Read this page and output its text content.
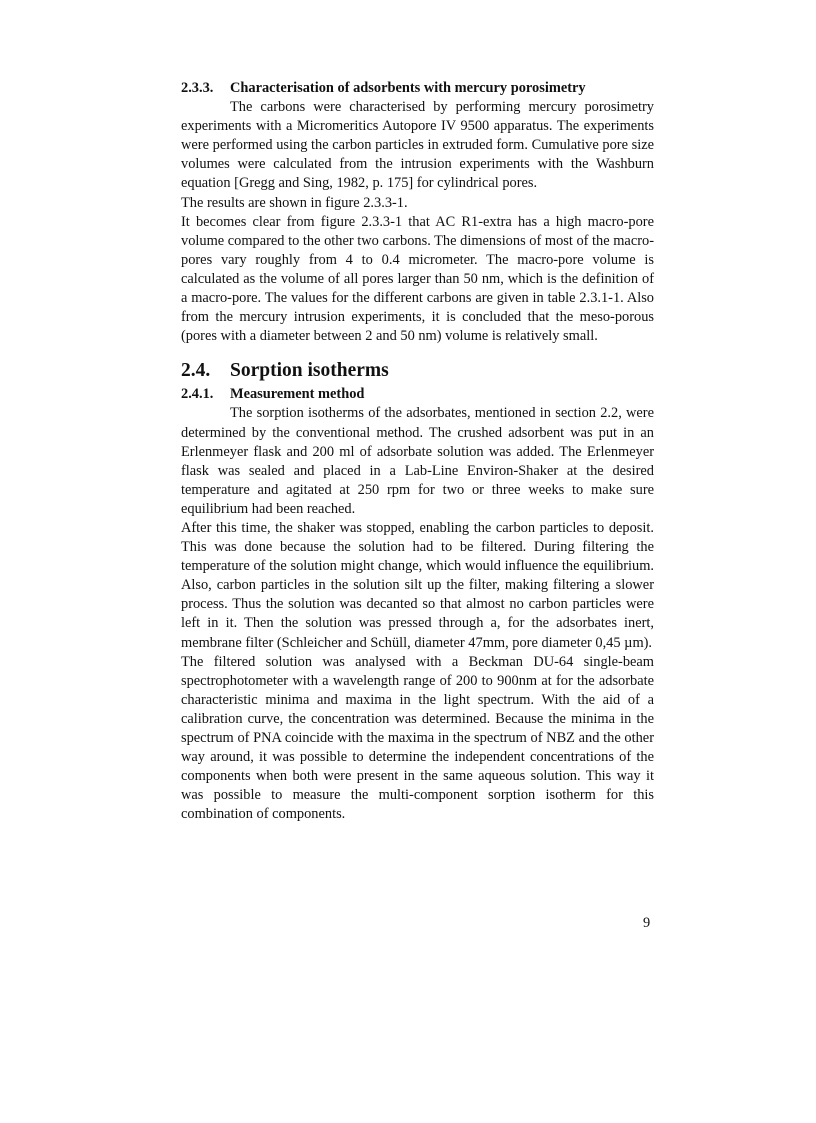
2.3.3.	Characterisation of adsorbents with mercury porosimetry

The carbons were characterised by performing mercury porosimetry experiments with a Micromeritics Autopore IV 9500 apparatus. The experiments were performed using the carbon particles in extruded form. Cumulative pore size volumes were calculated from the intrusion experiments with the Washburn equation [Gregg and Sing, 1982, p. 175] for cylindrical pores.

The results are shown in figure 2.3.3-1.

It becomes clear from figure 2.3.3-1 that AC R1-extra has a high macro-pore volume compared to the other two carbons. The dimensions of most of the macro-pores vary roughly from 4 to 0.4 micrometer. The macro-pore volume is calculated as the volume of all pores larger than 50 nm, which is the definition of a macro-pore. The values for the different carbons are given in table 2.3.1-1. Also from the mercury intrusion experiments, it is concluded that the meso-porous (pores with a diameter between 2 and 50 nm) volume is relatively small.

2.4.	Sorption isotherms
2.4.1.	Measurement method

The sorption isotherms of the adsorbates, mentioned in section 2.2, were determined by the conventional method. The crushed adsorbent was put in an Erlenmeyer flask and 200 ml of adsorbate solution was added. The Erlenmeyer flask was sealed and placed in a Lab-Line Environ-Shaker at the desired temperature and agitated at 250 rpm for two or three weeks to make sure equilibrium had been reached.

After this time, the shaker was stopped, enabling the carbon particles to deposit. This was done because the solution had to be filtered. During filtering the temperature of the solution might change, which would influence the equilibrium. Also, carbon particles in the solution silt up the filter, making filtering a slower process. Thus the solution was decanted so that almost no carbon particles were left in it. Then the solution was pressed through a, for the adsorbates inert, membrane filter (Schleicher and Schüll, diameter 47mm, pore diameter 0,45 µm).

The filtered solution was analysed with a Beckman DU-64 single-beam spectrophotometer with a wavelength range of 200 to 900nm at for the adsorbate characteristic minima and maxima in the light spectrum. With the aid of a calibration curve, the concentration was determined. Because the minima in the spectrum of PNA coincide with the maxima in the spectrum of NBZ and the other way around, it was possible to determine the independent concentrations of the components when both were present in the same aqueous solution. This way it was possible to measure the multi-component sorption isotherm for this combination of components.

9
